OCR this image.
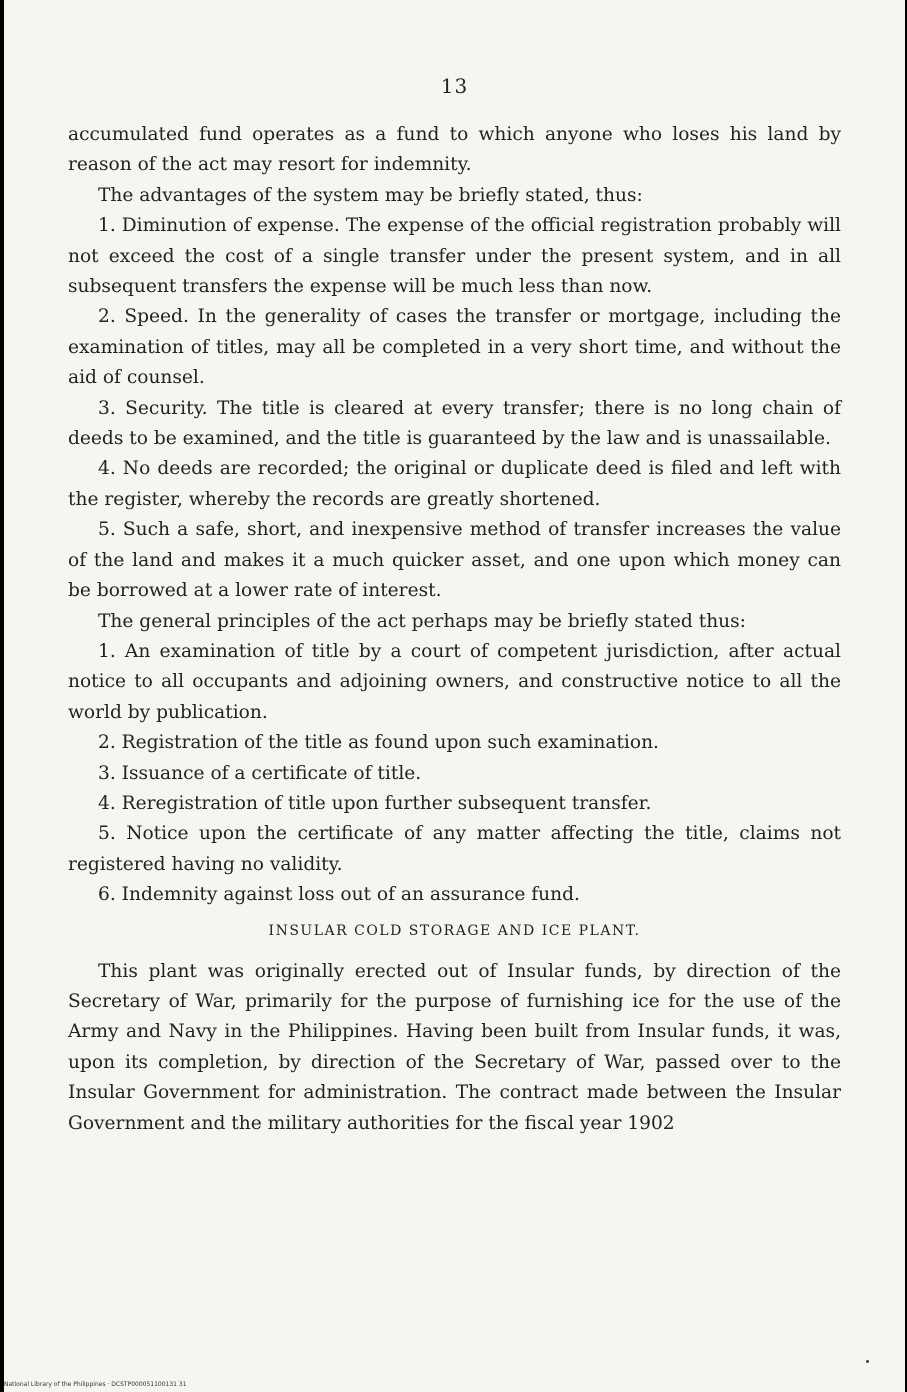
13

accumulated fund operates as a fund to which anyone who loses his land by reason of the act may resort for indemnity.

The advantages of the system may be briefly stated, thus:

1. Diminution of expense. The expense of the official registration probably will not exceed the cost of a single transfer under the present system, and in all subsequent transfers the expense will be much less than now.

2. Speed. In the generality of cases the transfer or mortgage, including the examination of titles, may all be completed in a very short time, and without the aid of counsel.

3. Security. The title is cleared at every transfer; there is no long chain of deeds to be examined, and the title is guaranteed by the law and is unassailable.

4. No deeds are recorded; the original or duplicate deed is filed and left with the register, whereby the records are greatly shortened.

5. Such a safe, short, and inexpensive method of transfer increases the value of the land and makes it a much quicker asset, and one upon which money can be borrowed at a lower rate of interest.

The general principles of the act perhaps may be briefly stated thus:

1. An examination of title by a court of competent jurisdiction, after actual notice to all occupants and adjoining owners, and constructive notice to all the world by publication.

2. Registration of the title as found upon such examination.

3. Issuance of a certificate of title.

4. Reregistration of title upon further subsequent transfer.

5. Notice upon the certificate of any matter affecting the title, claims not registered having no validity.

6. Indemnity against loss out of an assurance fund.

INSULAR COLD STORAGE AND ICE PLANT.

This plant was originally erected out of Insular funds, by direction of the Secretary of War, primarily for the purpose of furnishing ice for the use of the Army and Navy in the Philippines. Having been built from Insular funds, it was, upon its completion, by direction of the Secretary of War, passed over to the Insular Government for administration. The contract made between the Insular Government and the military authorities for the fiscal year 1902

National Library of the Philippines · DCSTP000051100131 31
